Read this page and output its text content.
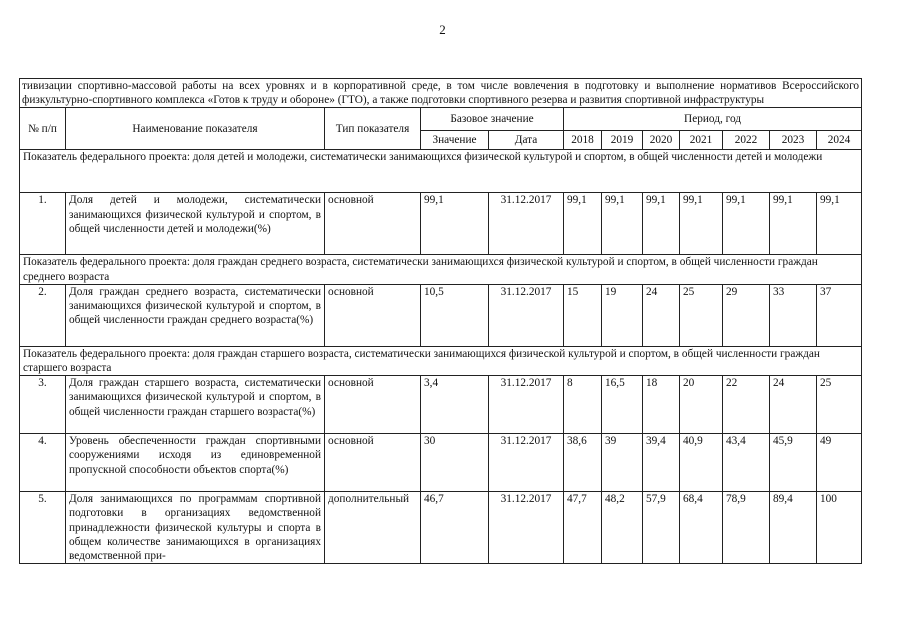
2
тивизации спортивно-массовой работы на всех уровнях и в корпоративной среде, в том числе вовлечения в подготовку и выполнение нормативов Всероссийского физкультурно-спортивного комплекса «Готов к труду и обороне» (ГТО), а также подготовки спортивного резерва и развития спортивной инфраструктуры											
№ п/п	Наименование показателя	Тип показателя	Базовое значение		Период, год						
			Значение	Дата	2018	2019	2020	2021	2022	2023	2024
Показатель федерального проекта: доля детей и молодежи, систематически занимающихся физической культурой и спортом, в общей численности детей и молодежи											
1.	Доля детей и молодежи, систематически занимающихся физической культурой и спортом, в общей численности детей и молодежи(%)	основной	99,1	31.12.2017	99,1	99,1	99,1	99,1	99,1	99,1	99,1
Показатель федерального проекта: доля граждан среднего возраста, систематически занимающихся физической культурой и спортом, в общей численности граждан среднего возраста											
2.	Доля граждан среднего возраста, систематически занимающихся физической культурой и спортом, в общей численности граждан среднего возраста(%)	основной	10,5	31.12.2017	15	19	24	25	29	33	37
Показатель федерального проекта: доля граждан старшего возраста, систематически занимающихся физической культурой и спортом, в общей численности граждан старшего возраста											
3.	Доля граждан старшего возраста, систематически занимающихся физической культурой и спортом, в общей численности граждан старшего возраста(%)	основной	3,4	31.12.2017	8	16,5	18	20	22	24	25
4.	Уровень обеспеченности граждан спортивными сооружениями исходя из единовременной пропускной способности объектов спорта(%)	основной	30	31.12.2017	38,6	39	39,4	40,9	43,4	45,9	49
5.	Доля занимающихся по программам спортивной подготовки в организациях ведомственной принадлежности физической культуры и спорта в общем количестве занимающихся в организациях ведомственной при-	дополнительный	46,7	31.12.2017	47,7	48,2	57,9	68,4	78,9	89,4	100
